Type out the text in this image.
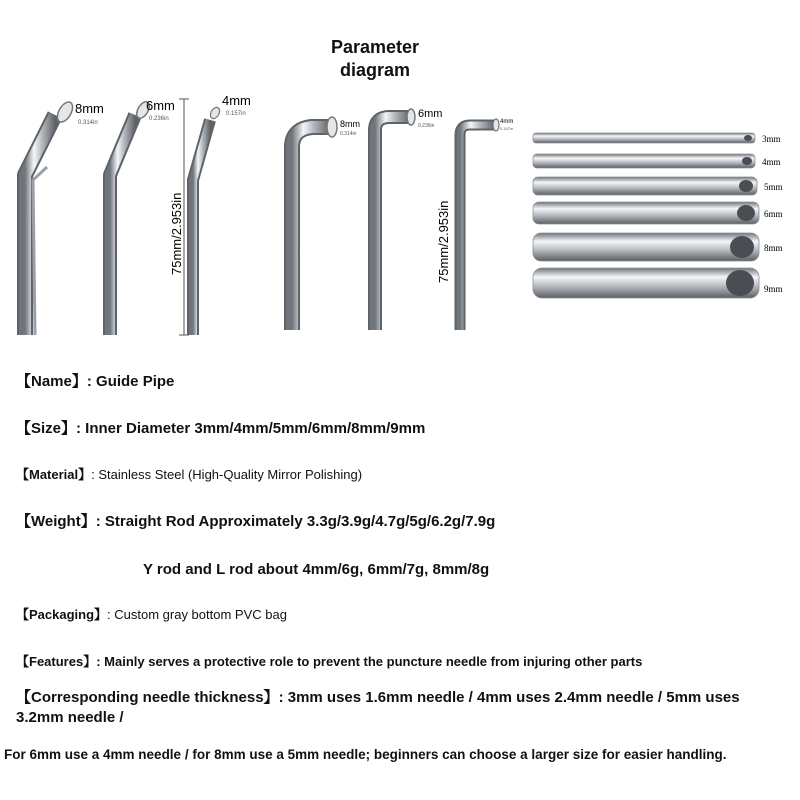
Parameter
diagram
8mm
0.314in
6mm
0.236in
4mm
0.157in
75mm/2.953in
8mm
0.314in
6mm
0.236in
4mm
0.157in
75mm/2.953in
3mm
4mm
5mm
6mm
8mm
9mm
【Name】: Guide Pipe
【Size】: Inner Diameter 3mm/4mm/5mm/6mm/8mm/9mm
【Material】: Stainless Steel (High-Quality Mirror Polishing)
【Weight】: Straight Rod Approximately 3.3g/3.9g/4.7g/5g/6.2g/7.9g
Y rod and L rod about 4mm/6g, 6mm/7g, 8mm/8g
【Packaging】: Custom gray bottom PVC bag
【Features】: Mainly serves a protective role to prevent the puncture needle from injuring other parts
【Corresponding needle thickness】: 3mm uses 1.6mm needle / 4mm uses 2.4mm needle / 5mm uses 3.2mm needle /
For 6mm use a 4mm needle / for 8mm use a 5mm needle; beginners can choose a larger size for easier handling.
